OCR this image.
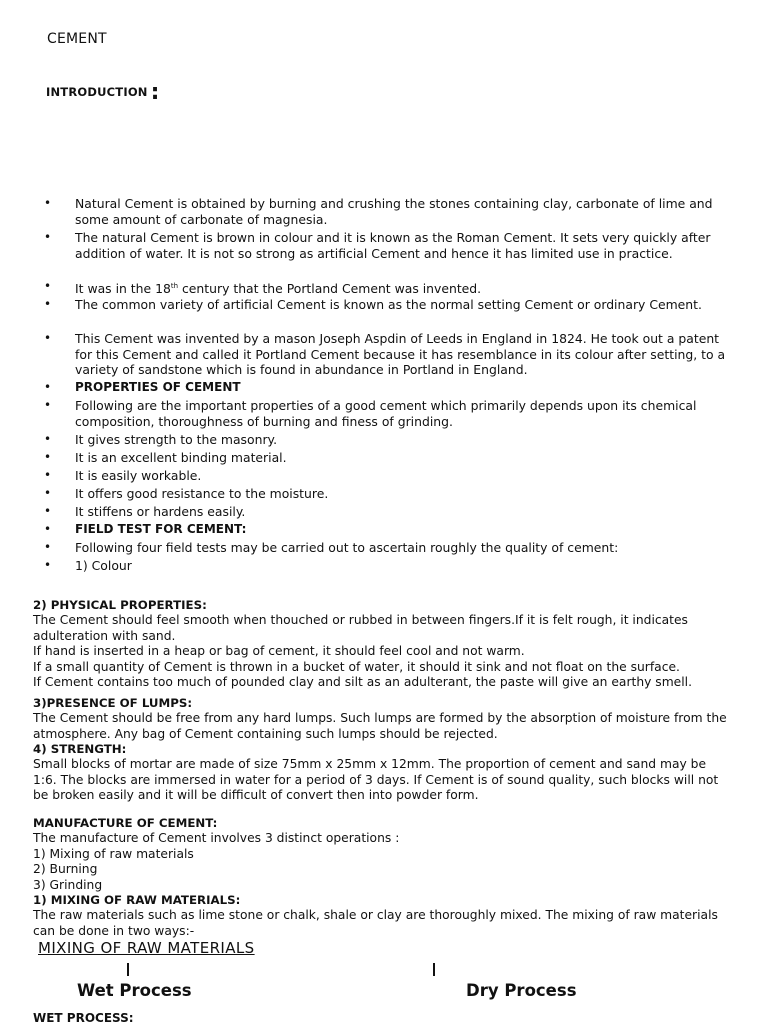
CEMENT
INTRODUCTION :
• Natural Cement is obtained by burning and crushing the stones containing clay, carbonate of lime and some amount of carbonate of magnesia.
• The natural Cement is brown in colour and it is known as the Roman Cement. It sets very quickly after addition of water. It is not so strong as artificial Cement and hence it has limited use in practice.
• It was in the 18th century that the Portland Cement was invented.
• The common variety of artificial Cement is known as the normal setting Cement or ordinary Cement.
• This Cement was invented by a mason Joseph Aspdin of Leeds in England in 1824. He took out a patent for this Cement and called it Portland Cement because it has resemblance in its colour after setting, to a variety of sandstone which is found in abundance in Portland in England.
• PROPERTIES OF CEMENT
• Following are the important properties of a good cement which primarily depends upon its chemical composition, thoroughness of burning and finess of grinding.
• It gives strength to the masonry.
• It is an excellent binding material.
• It is easily workable.
• It offers good resistance to the moisture.
• It stiffens or hardens easily.
• FIELD TEST FOR CEMENT:
• Following four field tests may be carried out to ascertain roughly the quality of cement:
• 1) Colour
2) PHYSICAL PROPERTIES:
The Cement should feel smooth when thouched or rubbed in between fingers.If it is felt rough, it indicates adulteration with sand.
If hand is inserted in a heap or bag of cement, it should feel cool and not warm.
If a small quantity of Cement is thrown in a bucket of water, it should it sink and not float on the surface.
If Cement contains too much of pounded clay and silt as an adulterant, the paste will give an earthy smell.
3)PRESENCE OF LUMPS:
The Cement should be free from any hard lumps. Such lumps are formed by the absorption of moisture from the atmosphere. Any bag of Cement containing such lumps should be rejected.
4) STRENGTH:
Small blocks of mortar are made of size 75mm x 25mm x 12mm. The proportion of cement and sand may be 1:6. The blocks are immersed in water for a period of 3 days. If Cement is of sound quality, such blocks will not be broken easily and it will be difficult of convert then into powder form.
MANUFACTURE OF CEMENT:
The manufacture of Cement involves 3 distinct operations :
1) Mixing of raw materials
2) Burning
3) Grinding
1) MIXING OF RAW MATERIALS:
The raw materials such as lime stone or chalk, shale or clay are thoroughly mixed. The mixing of raw materials can be done in two ways:-
MIXING OF RAW MATERIALS
Wet Process	Dry Process
WET PROCESS:
